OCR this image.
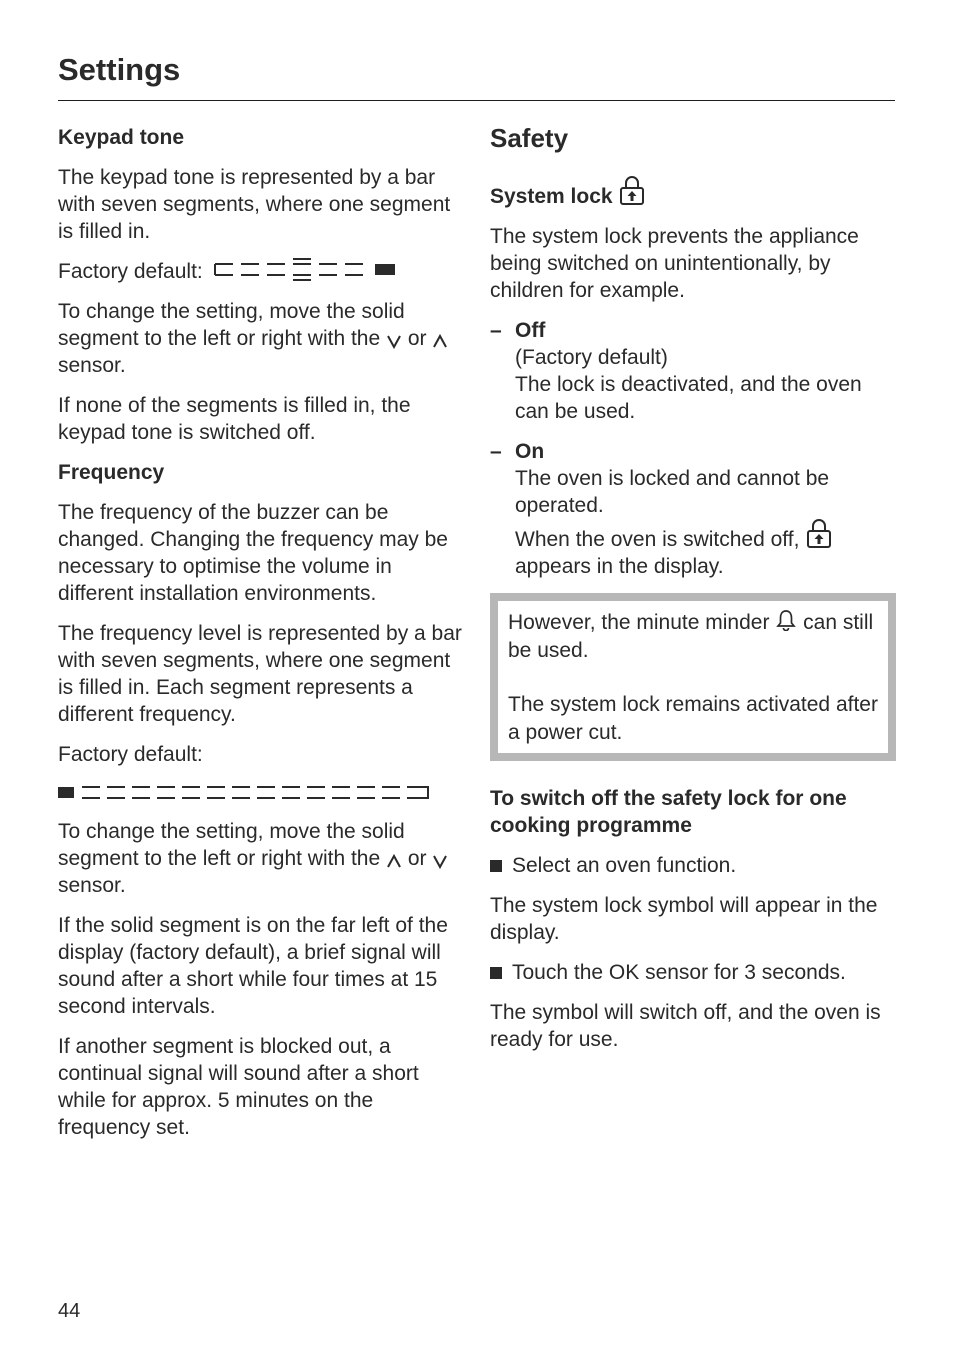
Settings
Keypad tone

The keypad tone is represented by a bar with seven segments, where one segment is filled in.

Factory default:

To change the setting, move the solid segment to the left or right with the or  sensor.

If none of the segments is filled in, the keypad tone is switched off.

Frequency

The frequency of the buzzer can be changed. Changing the frequency may be necessary to optimise the volume in different installation environments.

The frequency level is represented by a bar with seven segments, where one segment is filled in. Each segment represents a different frequency.

Factory default:

To change the setting, move the solid segment to the left or right with the or  sensor.

If the solid segment is on the far left of the display (factory default), a brief signal will sound after a short while four times at 15 second intervals.

If another segment is blocked out, a continual signal will sound after a short while for approx. 5 minutes on the frequency set.

Safety
System lock

The system lock prevents the appliance being switched on unintentionally, by children for example.

– Off
(Factory default)
The lock is deactivated, and the oven can be used.
– On
The oven is locked and cannot be operated.
When the oven is switched off,
appears in the display.

However, the minute minder can still be used.

The system lock remains activated after a power cut.

To switch off the safety lock for one cooking programme
Select an oven function.

The system lock symbol will appear in the display.

Touch the OK sensor for 3 seconds.

The symbol will switch off, and the oven is ready for use.

44
